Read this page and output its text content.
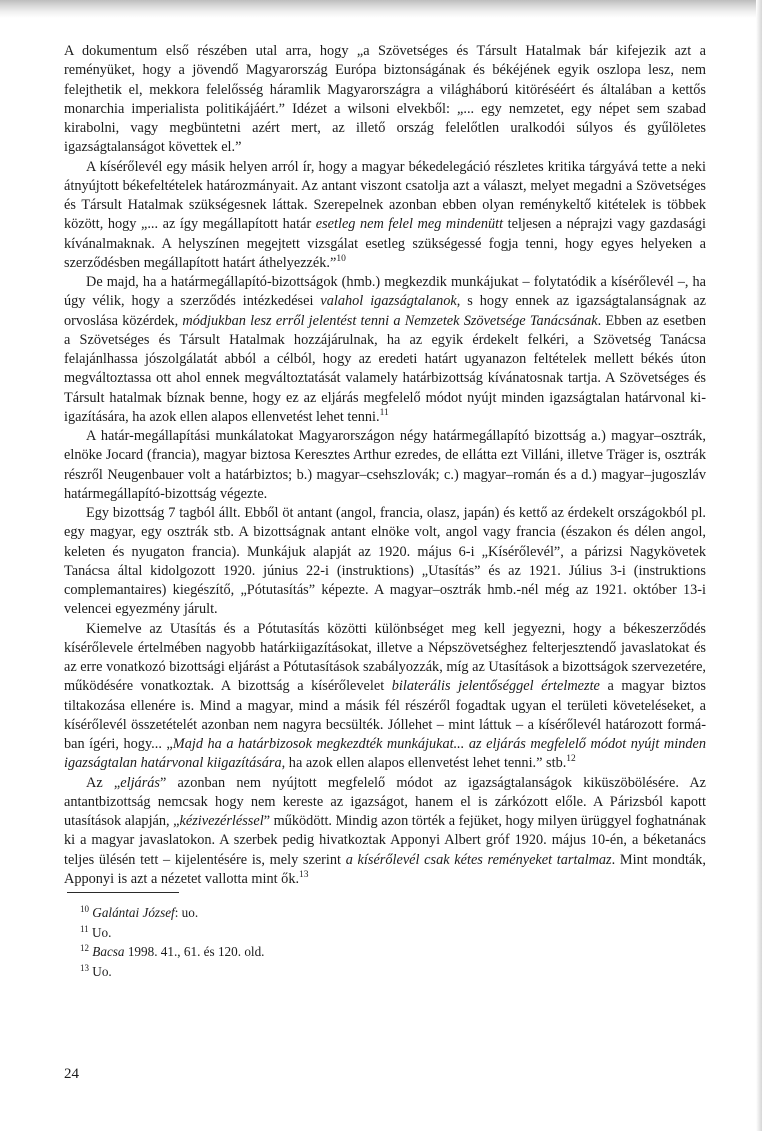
A dokumentum első részében utal arra, hogy „a Szövetséges és Társult Hatalmak bár kifejezik azt a reményüket, hogy a jövendő Magyarország Európa biztonságának és békéjének egyik oszlopa lesz, nem felejthetik el, mekkora felelősség háramlik Magyarországra a világháború kitöréséért és általában a kettős monarchia imperialista politikájáért.” Idézet a wilsoni elvekből: „... egy nemzetet, egy népet sem szabad kirabolni, vagy megbüntetni azért mert, az illető ország felelőtlen uralkodói súlyos és gyűlöletes igazságtalanságot követtek el.”

A kísérőlevél egy másik helyen arról ír, hogy a magyar békedelegáció részletes kritika tárgyává tette a neki átnyújtott békefeltételek határozmányait. Az antant viszont csatolja azt a választ, melyet megadni a Szövetséges és Társult Hatalmak szükségesnek láttak. Szerepelnek azonban ebben olyan reménykeltő kitételek is többek között, hogy „... az így megállapított határ esetleg nem felel meg mindenütt teljesen a néprajzi vagy gazdasági kívánalmaknak. A helyszínen megejtett vizsgálat esetleg szükségessé fogja tenni, hogy egyes helyeken a szerződésben megállapított határt áthelyezzék.”$^{10}$

De majd, ha a határmegállapító-bizottságok (hmb.) megkezdik munkájukat – folytatódik a kísérőlevél –, ha úgy vélik, hogy a szerződés intézkedései valahol igazságtalanok, s hogy ennek az igazságtalanságnak az orvoslása közérdek, módjukban lesz erről jelentést tenni a Nemzetek Szövetsége Tanácsának. Ebben az esetben a Szövetséges és Társult Hatalmak hozzájárulnak, ha az egyik érdekelt felkéri, a Szövetség Tanácsa felajánlhassa jószolgálatát abból a célból, hogy az eredeti határt ugyanazon feltételek mellett békés úton megváltoztassa ott ahol ennek megváltoztatását valamely határbizottság kívánatosnak tartja. A Szövetséges és Társult hatalmak bíznak benne, hogy ez az eljárás megfelelő módot nyújt minden igazságtalan határvonal kiigazítására, ha azok ellen alapos ellenvetést lehet tenni.$^{11}$

A határ-megállapítási munkálatokat Magyarországon négy határmegállapító bizottság a.) magyar–osztrák, elnöke Jocard (francia), magyar biztosa Keresztes Arthur ezredes, de ellátta ezt Villáni, illetve Träger is, osztrák részről Neugenbauer volt a határbiztos; b.) magyar–csehszlovák; c.) magyar–román és a d.) magyar–jugoszláv határmegállapító-bizottság végezte.

Egy bizottság 7 tagból állt. Ebből öt antant (angol, francia, olasz, japán) és kettő az érdekelt országokból pl. egy magyar, egy osztrák stb. A bizottságnak antant elnöke volt, angol vagy francia (északon és délen angol, keleten és nyugaton francia). Munkájuk alapját az 1920. május 6-i „Kísérőlevél”, a párizsi Nagykövetek Tanácsa által kidolgozott 1920. június 22-i (instruktions) „Utasítás” és az 1921. Július 3-i (instruktions complemantaires) kiegészítő, „Pótutasítás” képezte. A magyar–osztrák hmb.-nél még az 1921. október 13-i velencei egyezmény járult.

Kiemelve az Utasítás és a Pótutasítás közötti különbséget meg kell jegyezni, hogy a békeszerződés kísérőlevele értelmében nagyobb határkiigazításokat, illetve a Népszövetséghez felterjesztendő javaslatokat és az erre vonatkozó bizottsági eljárást a Pótutasítások szabályozzák, míg az Utasítások a bizottságok szervezetére, működésére vonatkoztak. A bizottság a kísérőlevelet bilaterális jelentőséggel értelmezte a magyar biztos tiltakozása ellenére is. Mind a magyar, mind a másik fél részéről fogadtak ugyan el területi követeléseket, a kísérőlevél összetételét azonban nem nagyra becsülték. Jóllehet – mint láttuk – a kísérőlevél határozott formában ígéri, hogy... „Majd ha a határbizosok megkezdték munkájukat... az eljárás megfelelő módot nyújt minden igazságtalan határvonal kiigazítására, ha azok ellen alapos ellenvetést lehet tenni.” stb.$^{12}$

Az „eljárás” azonban nem nyújtott megfelelő módot az igazságtalanságok kiküszöbölésére. Az antantbizottság nemcsak hogy nem kereste az igazságot, hanem el is zárkózott előle. A Párizsból kapott utasítások alapján, „kézivezérléssel” működött. Mindig azon törték a fejüket, hogy milyen ürüggyel foghatnának ki a magyar javaslatokon. A szerbek pedig hivatkoztak Apponyi Albert gróf 1920. május 10-én, a béketanács teljes ülésén tett – kijelentésére is, mely szerint a kísérőlevél csak kétes reményeket tartalmaz. Mint mondták, Apponyi is azt a nézetet vallotta mint ők.$^{13}$

$^{10}$ Galántai József: uo.

$^{11}$ Uo.

$^{12}$ Bacsa 1998. 41., 61. és 120. old.

$^{13}$ Uo.

24
